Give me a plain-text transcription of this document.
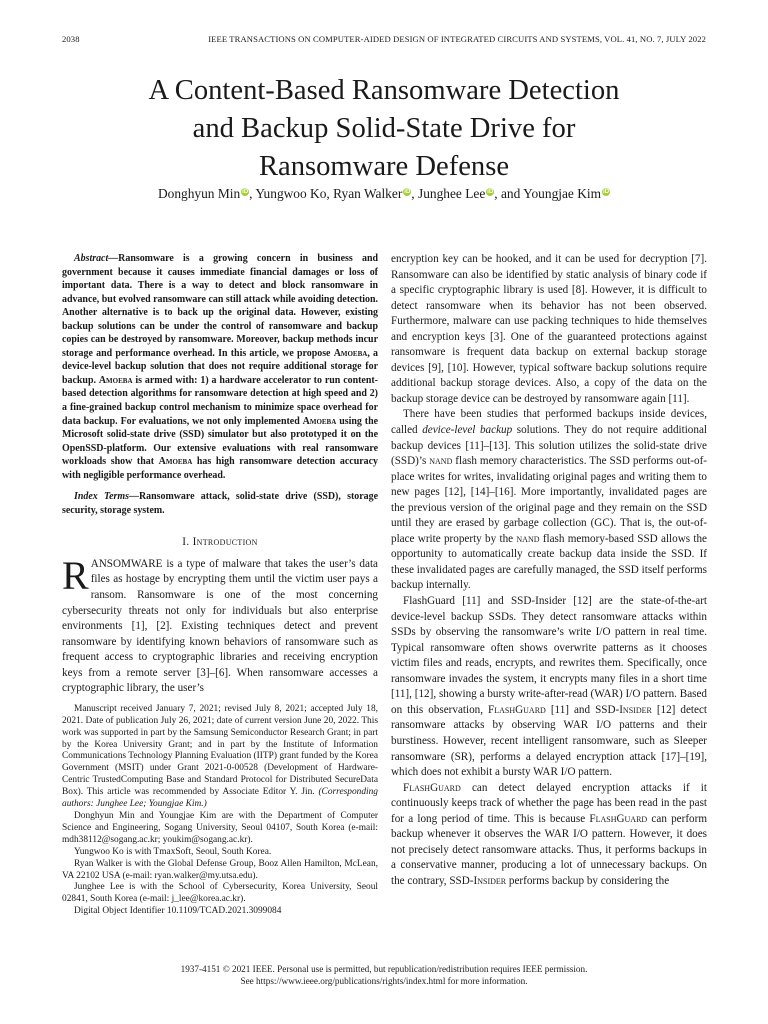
2038	IEEE TRANSACTIONS ON COMPUTER-AIDED DESIGN OF INTEGRATED CIRCUITS AND SYSTEMS, VOL. 41, NO. 7, JULY 2022
A Content-Based Ransomware Detection
and Backup Solid-State Drive for
Ransomware Defense
Donghyun Min iD, Yungwoo Ko, Ryan Walker iD, Junghee Lee iD, and Youngjae Kim iD

Abstract—Ransomware is a growing concern in business and government because it causes immediate financial damages or loss of important data. There is a way to detect and block ransomware in advance, but evolved ransomware can still attack while avoiding detection. Another alternative is to back up the original data. However, existing backup solutions can be under the control of ransomware and backup copies can be destroyed by ransomware. Moreover, backup methods incur storage and performance overhead. In this article, we propose Amoeba, a device-level backup solution that does not require additional storage for backup. Amoeba is armed with: 1) a hardware accelerator to run content-based detection algorithms for ransomware detection at high speed and 2) a fine-grained backup control mechanism to minimize space overhead for data backup. For evaluations, we not only implemented Amoeba using the Microsoft solid-state drive (SSD) simulator but also prototyped it on the OpenSSD-platform. Our extensive evaluations with real ransomware workloads show that Amoeba has high ransomware detection accuracy with negligible performance overhead.

Index Terms—Ransomware attack, solid-state drive (SSD), storage security, storage system.

I. Introduction

RANSOMWARE is a type of malware that takes the user’s data files as hostage by encrypting them until the victim user pays a ransom. Ransomware is one of the most concerning cybersecurity threats not only for individuals but also enterprise environments [1], [2]. Existing techniques detect and prevent ransomware by identifying known behaviors of ransomware such as frequent access to cryptographic libraries and receiving encryption keys from a remote server [3]–[6]. When ransomware accesses a cryptographic library, the user’s

Manuscript received January 7, 2021; revised July 8, 2021; accepted July 18, 2021. Date of publication July 26, 2021; date of current version June 20, 2022. This work was supported in part by the Samsung Semiconductor Research Grant; in part by the Korea University Grant; and in part by the Institute of Information Communications Technology Planning Evaluation (IITP) grant funded by the Korea Government (MSIT) under Grant 2021-0-00528 (Development of Hardware-Centric TrustedComputing Base and Standard Protocol for Distributed SecureData Box). This article was recommended by Associate Editor Y. Jin. (Corresponding authors: Junghee Lee; Youngjae Kim.)

Donghyun Min and Youngjae Kim are with the Department of Computer Science and Engineering, Sogang University, Seoul 04107, South Korea (e-mail: mdh38112@sogang.ac.kr; youkim@sogang.ac.kr).

Yungwoo Ko is with TmaxSoft, Seoul, South Korea.

Ryan Walker is with the Global Defense Group, Booz Allen Hamilton, McLean, VA 22102 USA (e-mail: ryan.walker@my.utsa.edu).

Junghee Lee is with the School of Cybersecurity, Korea University, Seoul 02841, South Korea (e-mail: j_lee@korea.ac.kr).

Digital Object Identifier 10.1109/TCAD.2021.3099084

encryption key can be hooked, and it can be used for decryption [7]. Ransomware can also be identified by static analysis of binary code if a specific cryptographic library is used [8]. However, it is difficult to detect ransomware when its behavior has not been observed. Furthermore, malware can use packing techniques to hide themselves and encryption keys [3]. One of the guaranteed protections against ransomware is frequent data backup on external backup storage devices [9], [10]. However, typical software backup solutions require additional backup storage devices. Also, a copy of the data on the backup storage device can be destroyed by ransomware again [11].

There have been studies that performed backups inside devices, called device-level backup solutions. They do not require additional backup devices [11]–[13]. This solution utilizes the solid-state drive (SSD)’s nand flash memory characteristics. The SSD performs out-of-place writes for writes, invalidating original pages and writing them to new pages [12], [14]–[16]. More importantly, invalidated pages are the previous version of the original page and they remain on the SSD until they are erased by garbage collection (GC). That is, the out-of-place write property by the nand flash memory-based SSD allows the opportunity to automatically create backup data inside the SSD. If these invalidated pages are carefully managed, the SSD itself performs backup internally.

FlashGuard [11] and SSD-Insider [12] are the state-of-the-art device-level backup SSDs. They detect ransomware attacks within SSDs by observing the ransomware’s write I/O pattern in real time. Typical ransomware often shows overwrite patterns as it chooses victim files and reads, encrypts, and rewrites them. Specifically, once ransomware invades the system, it encrypts many files in a short time [11], [12], showing a bursty write-after-read (WAR) I/O pattern. Based on this observation, FlashGuard [11] and SSD-Insider [12] detect ransomware attacks by observing WAR I/O patterns and their burstiness. However, recent intelligent ransomware, such as Sleeper ransomware (SR), performs a delayed encryption attack [17]–[19], which does not exhibit a bursty WAR I/O pattern.

FlashGuard can detect delayed encryption attacks if it continuously keeps track of whether the page has been read in the past for a long period of time. This is because FlashGuard can perform backup whenever it observes the WAR I/O pattern. However, it does not precisely detect ransomware attacks. Thus, it performs backups in a conservative manner, producing a lot of unnecessary backups. On the contrary, SSD-Insider performs backup by considering the

1937-4151 © 2021 IEEE. Personal use is permitted, but republication/redistribution requires IEEE permission.
See https://www.ieee.org/publications/rights/index.html for more information.
